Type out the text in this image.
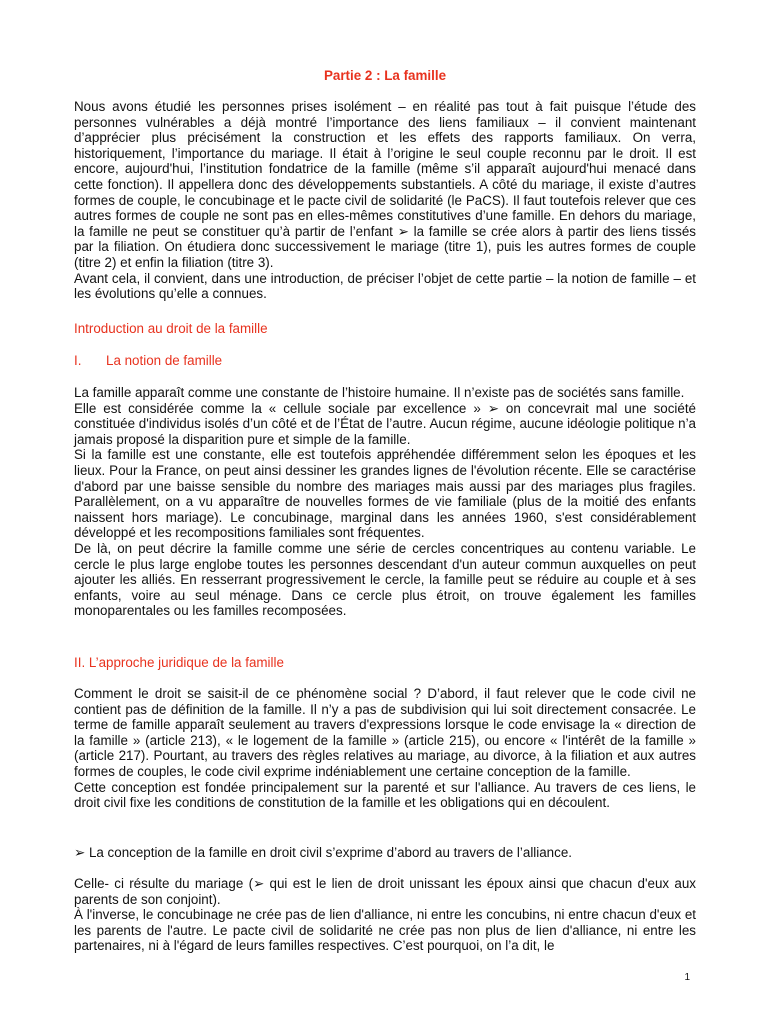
Partie 2 : La famille

Nous avons étudié les personnes prises isolément – en réalité pas tout à fait puisque l’étude des personnes vulnérables a déjà montré l’importance des liens familiaux – il convient maintenant d’apprécier plus précisément la construction et les effets des rapports familiaux. On verra, historiquement, l’importance du mariage. Il était à l’origine le seul couple reconnu par le droit. Il est encore, aujourd'hui, l’institution fondatrice de la famille (même s’il apparaît aujourd'hui menacé dans cette fonction). Il appellera donc des développements substantiels. A côté du mariage, il existe d’autres formes de couple, le concubinage et le pacte civil de solidarité (le PaCS). Il faut toutefois relever que ces autres formes de couple ne sont pas en elles-mêmes constitutives d’une famille. En dehors du mariage, la famille ne peut se constituer qu’à partir de l’enfant ➢ la famille se crée alors à partir des liens tissés par la filiation. On étudiera donc successivement le mariage (titre 1), puis les autres formes de couple (titre 2) et enfin la filiation (titre 3).

Avant cela, il convient, dans une introduction, de préciser l’objet de cette partie – la notion de famille – et les évolutions qu’elle a connues.

Introduction au droit de la famille
I. La notion de famille

La famille apparaît comme une constante de l’histoire humaine. Il n’existe pas de sociétés sans famille.

Elle est considérée comme la « cellule sociale par excellence » ➢ on concevrait mal une société constituée d'individus isolés d’un côté et de l’État de l’autre. Aucun régime, aucune idéologie politique n’a jamais proposé la disparition pure et simple de la famille.

Si la famille est une constante, elle est toutefois appréhendée différemment selon les époques et les lieux. Pour la France, on peut ainsi dessiner les grandes lignes de l'évolution récente. Elle se caractérise d'abord par une baisse sensible du nombre des mariages mais aussi par des mariages plus fragiles. Parallèlement, on a vu apparaître de nouvelles formes de vie familiale (plus de la moitié des enfants naissent hors mariage). Le concubinage, marginal dans les années 1960, s'est considérablement développé et les recompositions familiales sont fréquentes.

De là, on peut décrire la famille comme une série de cercles concentriques au contenu variable. Le cercle le plus large englobe toutes les personnes descendant d'un auteur commun auxquelles on peut ajouter les alliés. En resserrant progressivement le cercle, la famille peut se réduire au couple et à ses enfants, voire au seul ménage. Dans ce cercle plus étroit, on trouve également les familles monoparentales ou les familles recomposées.

II. L’approche juridique de la famille

Comment le droit se saisit-il de ce phénomène social ? D’abord, il faut relever que le code civil ne contient pas de définition de la famille. Il n’y a pas de subdivision qui lui soit directement consacrée. Le terme de famille apparaît seulement au travers d'expressions lorsque le code envisage la « direction de la famille » (article 213), « le logement de la famille » (article 215), ou encore « l'intérêt de la famille » (article 217). Pourtant, au travers des règles relatives au mariage, au divorce, à la filiation et aux autres formes de couples, le code civil exprime indéniablement une certaine conception de la famille.

Cette conception est fondée principalement sur la parenté et sur l'alliance. Au travers de ces liens, le droit civil fixe les conditions de constitution de la famille et les obligations qui en découlent.

➢ La conception de la famille en droit civil s’exprime d’abord au travers de l’alliance.

Celle- ci résulte du mariage (➢ qui est le lien de droit unissant les époux ainsi que chacun d'eux aux parents de son conjoint).

À l'inverse, le concubinage ne crée pas de lien d'alliance, ni entre les concubins, ni entre chacun d'eux et les parents de l'autre. Le pacte civil de solidarité ne crée pas non plus de lien d'alliance, ni entre les partenaires, ni à l'égard de leurs familles respectives. C’est pourquoi, on l’a dit, le

1
